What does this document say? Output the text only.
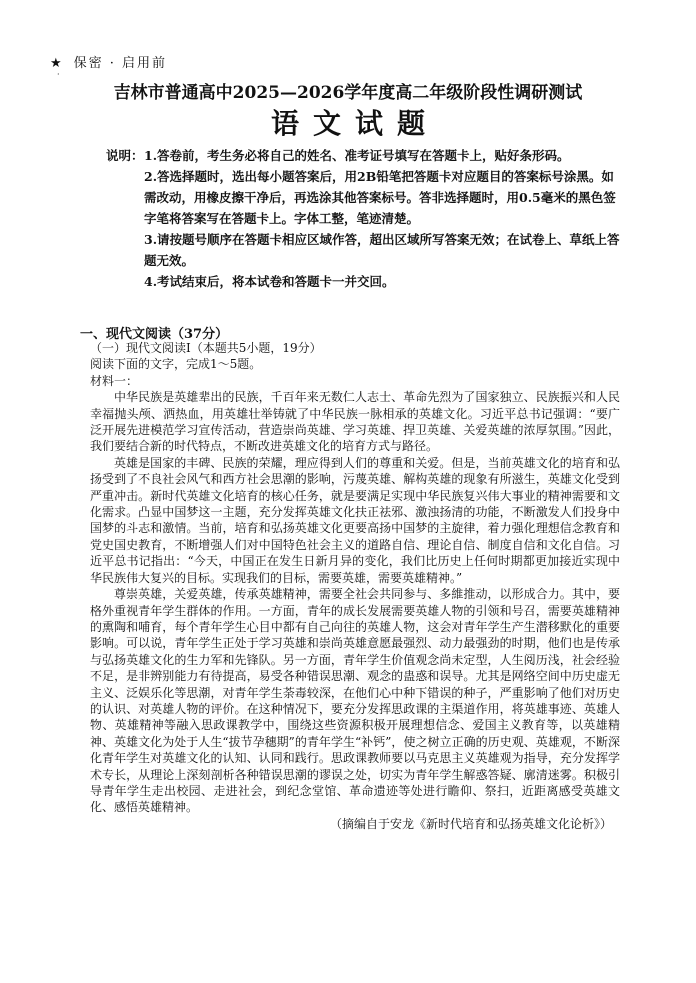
★ 保密 · 启用前
·
吉林市普通高中2025—2026学年度高二年级阶段性调研测试
语文试题
说明： 1.答卷前，考生务必将自己的姓名、准考证号填写在答题卡上，贴好条形码。
2.答选择题时，选出每小题答案后，用2B铅笔把答题卡对应题目的答案标号涂黑。如需改动，用橡皮擦干净后，再选涂其他答案标号。答非选择题时，用0.5毫米的黑色签字笔将答案写在答题卡上。字体工整，笔迹清楚。
3.请按题号顺序在答题卡相应区域作答，超出区域所写答案无效；在试卷上、草纸上答题无效。
4.考试结束后，将本试卷和答题卡一并交回。
一、现代文阅读（37分）

（一）现代文阅读Ⅰ（本题共5小题，19分）

阅读下面的文字，完成1～5题。

材料一：

中华民族是英雄辈出的民族，千百年来无数仁人志士、革命先烈为了国家独立、民族振兴和人民幸福抛头颅、洒热血，用英雄壮举铸就了中华民族一脉相承的英雄文化。习近平总书记强调：“要广泛开展先进模范学习宣传活动，营造崇尚英雄、学习英雄、捍卫英雄、关爱英雄的浓厚氛围。”因此，我们要结合新的时代特点，不断改进英雄文化的培育方式与路径。

英雄是国家的丰碑、民族的荣耀，理应得到人们的尊重和关爱。但是，当前英雄文化的培育和弘扬受到了不良社会风气和西方社会思潮的影响，污蔑英雄、解构英雄的现象有所滋生，英雄文化受到严重冲击。新时代英雄文化培育的核心任务，就是要满足实现中华民族复兴伟大事业的精神需要和文化需求。凸显中国梦这一主题，充分发挥英雄文化扶正祛邪、激浊扬清的功能，不断激发人们投身中国梦的斗志和激情。当前，培育和弘扬英雄文化更要高扬中国梦的主旋律，着力强化理想信念教育和党史国史教育，不断增强人们对中国特色社会主义的道路自信、理论自信、制度自信和文化自信。习近平总书记指出：“今天，中国正在发生日新月异的变化，我们比历史上任何时期都更加接近实现中华民族伟大复兴的目标。实现我们的目标，需要英雄，需要英雄精神。”

尊崇英雄，关爱英雄，传承英雄精神，需要全社会共同参与、多維推动，以形成合力。其中，要格外重视青年学生群体的作用。一方面，青年的成长发展需要英雄人物的引领和号召，需要英雄精神的熏陶和哺育，每个青年学生心目中都有自己向往的英雄人物，这会对青年学生产生潜移默化的重要影响。可以说，青年学生正处于学习英雄和崇尚英雄意愿最强烈、动力最强劲的时期，他们也是传承与弘扬英雄文化的生力军和先锋队。另一方面，青年学生价值观念尚未定型，人生阅历浅，社会经验不足，是非辨别能力有待提高，易受各种错误思潮、观念的蛊惑和误导。尤其是网络空间中历史虚无主义、泛娱乐化等思潮，对青年学生荼毒较深，在他们心中种下错误的种子，严重影响了他们对历史的认识、对英雄人物的评价。在这种情况下，要充分发挥思政课的主渠道作用，将英雄事迹、英雄人物、英雄精神等融入思政课教学中，围绕这些资源积极开展理想信念、爱国主义教育等，以英雄精神、英雄文化为处于人生“拔节孕穗期”的青年学生“补钙”，使之树立正确的历史观、英雄观，不断深化青年学生对英雄文化的认知、认同和践行。思政课教师要以马克思主义英雄观为指导，充分发挥学术专长，从理论上深刻剖析各种错误思潮的谬误之处，切实为青年学生解惑答疑、廓清迷雾。积极引导青年学生走出校园、走进社会，到纪念堂馆、革命遗迹等处进行瞻仰、祭扫，近距离感受英雄文化、感悟英雄精神。

（摘编自于安龙《新时代培育和弘扬英雄文化论析》）
